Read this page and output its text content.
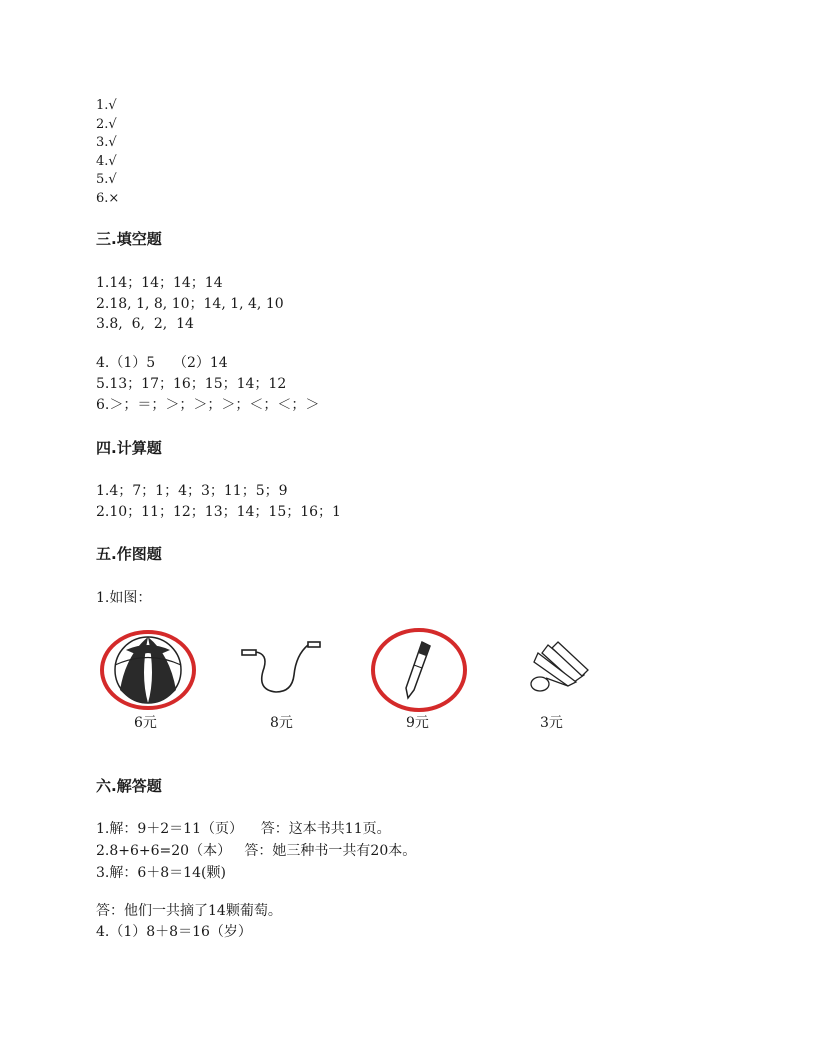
1.√
2.√
3.√
4.√
5.√
6.×
三.填空题
1.14；14；14；14
2.18, 1, 8, 10；14, 1, 4, 10
3.8,  6,  2,  14
4.（1）5    （2）14
5.13；17；16；15；14；12
6.＞；＝；＞；＞；＞；＜；＜；＞
四.计算题
1.4；7；1；4；3；11；5；9
2.10；11；12；13；14；15；16；1
五.作图题
1.如图：
6元	8元	9元	3元
六.解答题
1.解：9＋2＝11（页）    答：这本书共11页。
2.8+6+6=20（本）   答：她三种书一共有20本。
3.解：6＋8＝14(颗)
答：他们一共摘了14颗葡萄。
4.（1）8＋8＝16（岁）
